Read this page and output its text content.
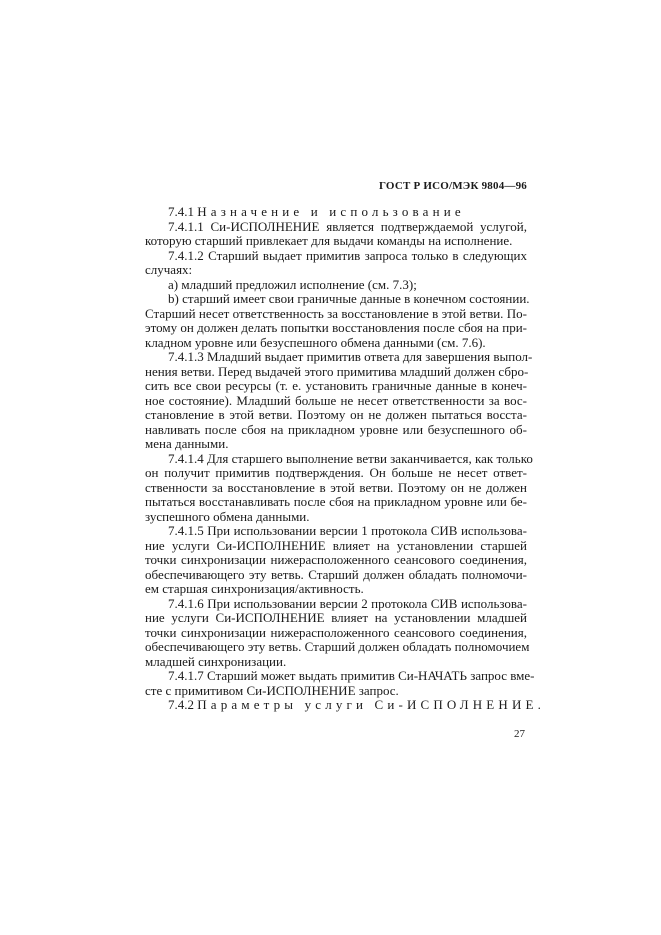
ГОСТ Р ИСО/МЭК 9804—96
7.4.1 Назначение и использование
7.4.1.1 Си-ИСПОЛНЕНИЕ является подтверждаемой услугой,
которую старший привлекает для выдачи команды на исполнение.
7.4.1.2 Старший выдает примитив запроса только в следующих
случаях:
а) младший предложил исполнение (см. 7.3);
b) старший имеет свои граничные данные в конечном состоянии.
Старший несет ответственность за восстановление в этой ветви. По-
этому он должен делать попытки восстановления после сбоя на при-
кладном уровне или безуспешного обмена данными (см. 7.6).
7.4.1.3 Младший выдает примитив ответа для завершения выпол-
нения ветви. Перед выдачей этого примитива младший должен сбро-
сить все свои ресурсы (т. е. установить граничные данные в конеч-
ное состояние). Младший больше не несет ответственности за вос-
становление в этой ветви. Поэтому он не должен пытаться восста-
навливать после сбоя на прикладном уровне или безуспешного об-
мена данными.
7.4.1.4 Для старшего выполнение ветви заканчивается, как только
он получит примитив подтверждения. Он больше не несет ответ-
ственности за восстановление в этой ветви. Поэтому он не должен
пытаться восстанавливать после сбоя на прикладном уровне или бе-
зуспешного обмена данными.
7.4.1.5 При использовании версии 1 протокола СИВ использова-
ние услуги Си-ИСПОЛНЕНИЕ влияет на установлении старшей
точки синхронизации нижерасположенного сеансового соединения,
обеспечивающего эту ветвь. Старший должен обладать полномочи-
ем старшая синхронизация/активность.
7.4.1.6 При использовании версии 2 протокола СИВ использова-
ние услуги Си-ИСПОЛНЕНИЕ влияет на установлении младшей
точки синхронизации нижерасположенного сеансового соединения,
обеспечивающего эту ветвь. Старший должен обладать полномочием
младшей синхронизации.
7.4.1.7 Старший может выдать примитив Си-НАЧАТЬ запрос вме-
сте с примитивом Си-ИСПОЛНЕНИЕ запрос.
7.4.2 Параметры услуги Си-ИСПОЛНЕНИЕ.
27
